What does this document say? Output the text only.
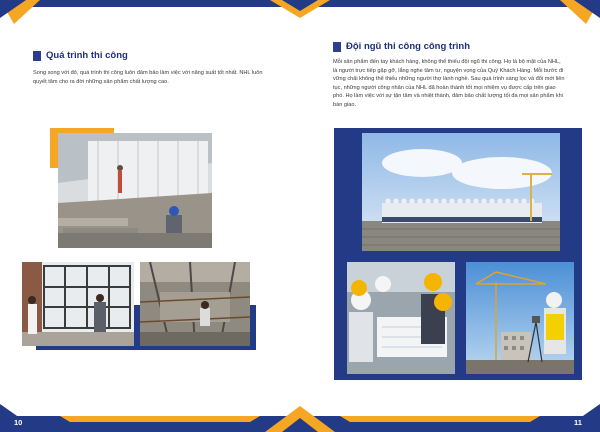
Quá trình thi công
Song song với đó, quá trình thi công luôn đảm bảo làm việc với năng suất tốt nhất. NHL luôn quyết tâm cho ra đời những sản phẩm chất lượng cao.
Đội ngũ thi công công trình
Mỗi sản phẩm đến tay khách hàng, không thể thiếu đội ngũ thi công. Họ là bộ mặt của NHL, là người trực tiếp gặp gỡ, lắng nghe tâm tư, nguyện vọng của Quý Khách Hàng. Mỗi bước đi vững chãi không thể thiếu những người thợ lành nghề. Sau quá trình sàng lọc và đổi mới liên tục, những người công nhân của NHL đã hoàn thành tốt mọi nhiệm vụ được cấp trên giao phó. Họ làm việc với sự tận tâm và nhiệt thành, đảm bảo chất lượng tối đa mọi sản phẩm khi bàn giao.
10	11
